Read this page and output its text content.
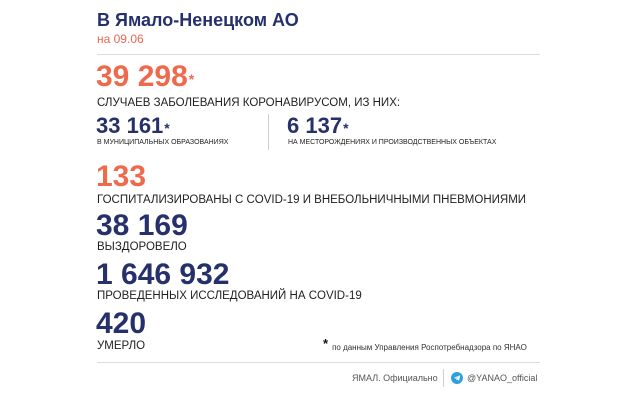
В Ямало-Ненецком АО
на 09.06
39 298*
СЛУЧАЕВ ЗАБОЛЕВАНИЯ КОРОНАВИРУСОМ, ИЗ НИХ:
33 161*
В МУНИЦИПАЛЬНЫХ ОБРАЗОВАНИЯХ
6 137*
НА МЕСТОРОЖДЕНИЯХ И ПРОИЗВОДСТВЕННЫХ ОБЪЕКТАХ
133
ГОСПИТАЛИЗИРОВАНЫ С COVID-19 И ВНЕБОЛЬНИЧНЫМИ ПНЕВМОНИЯМИ
38 169
ВЫЗДОРОВЕЛО
1 646 932
ПРОВЕДЕННЫХ ИССЛЕДОВАНИЙ НА COVID-19
420
УМЕРЛО	* по данным Управления Роспотребнадзора по ЯНАО
ЯМАЛ. Официально	@YANAO_official
